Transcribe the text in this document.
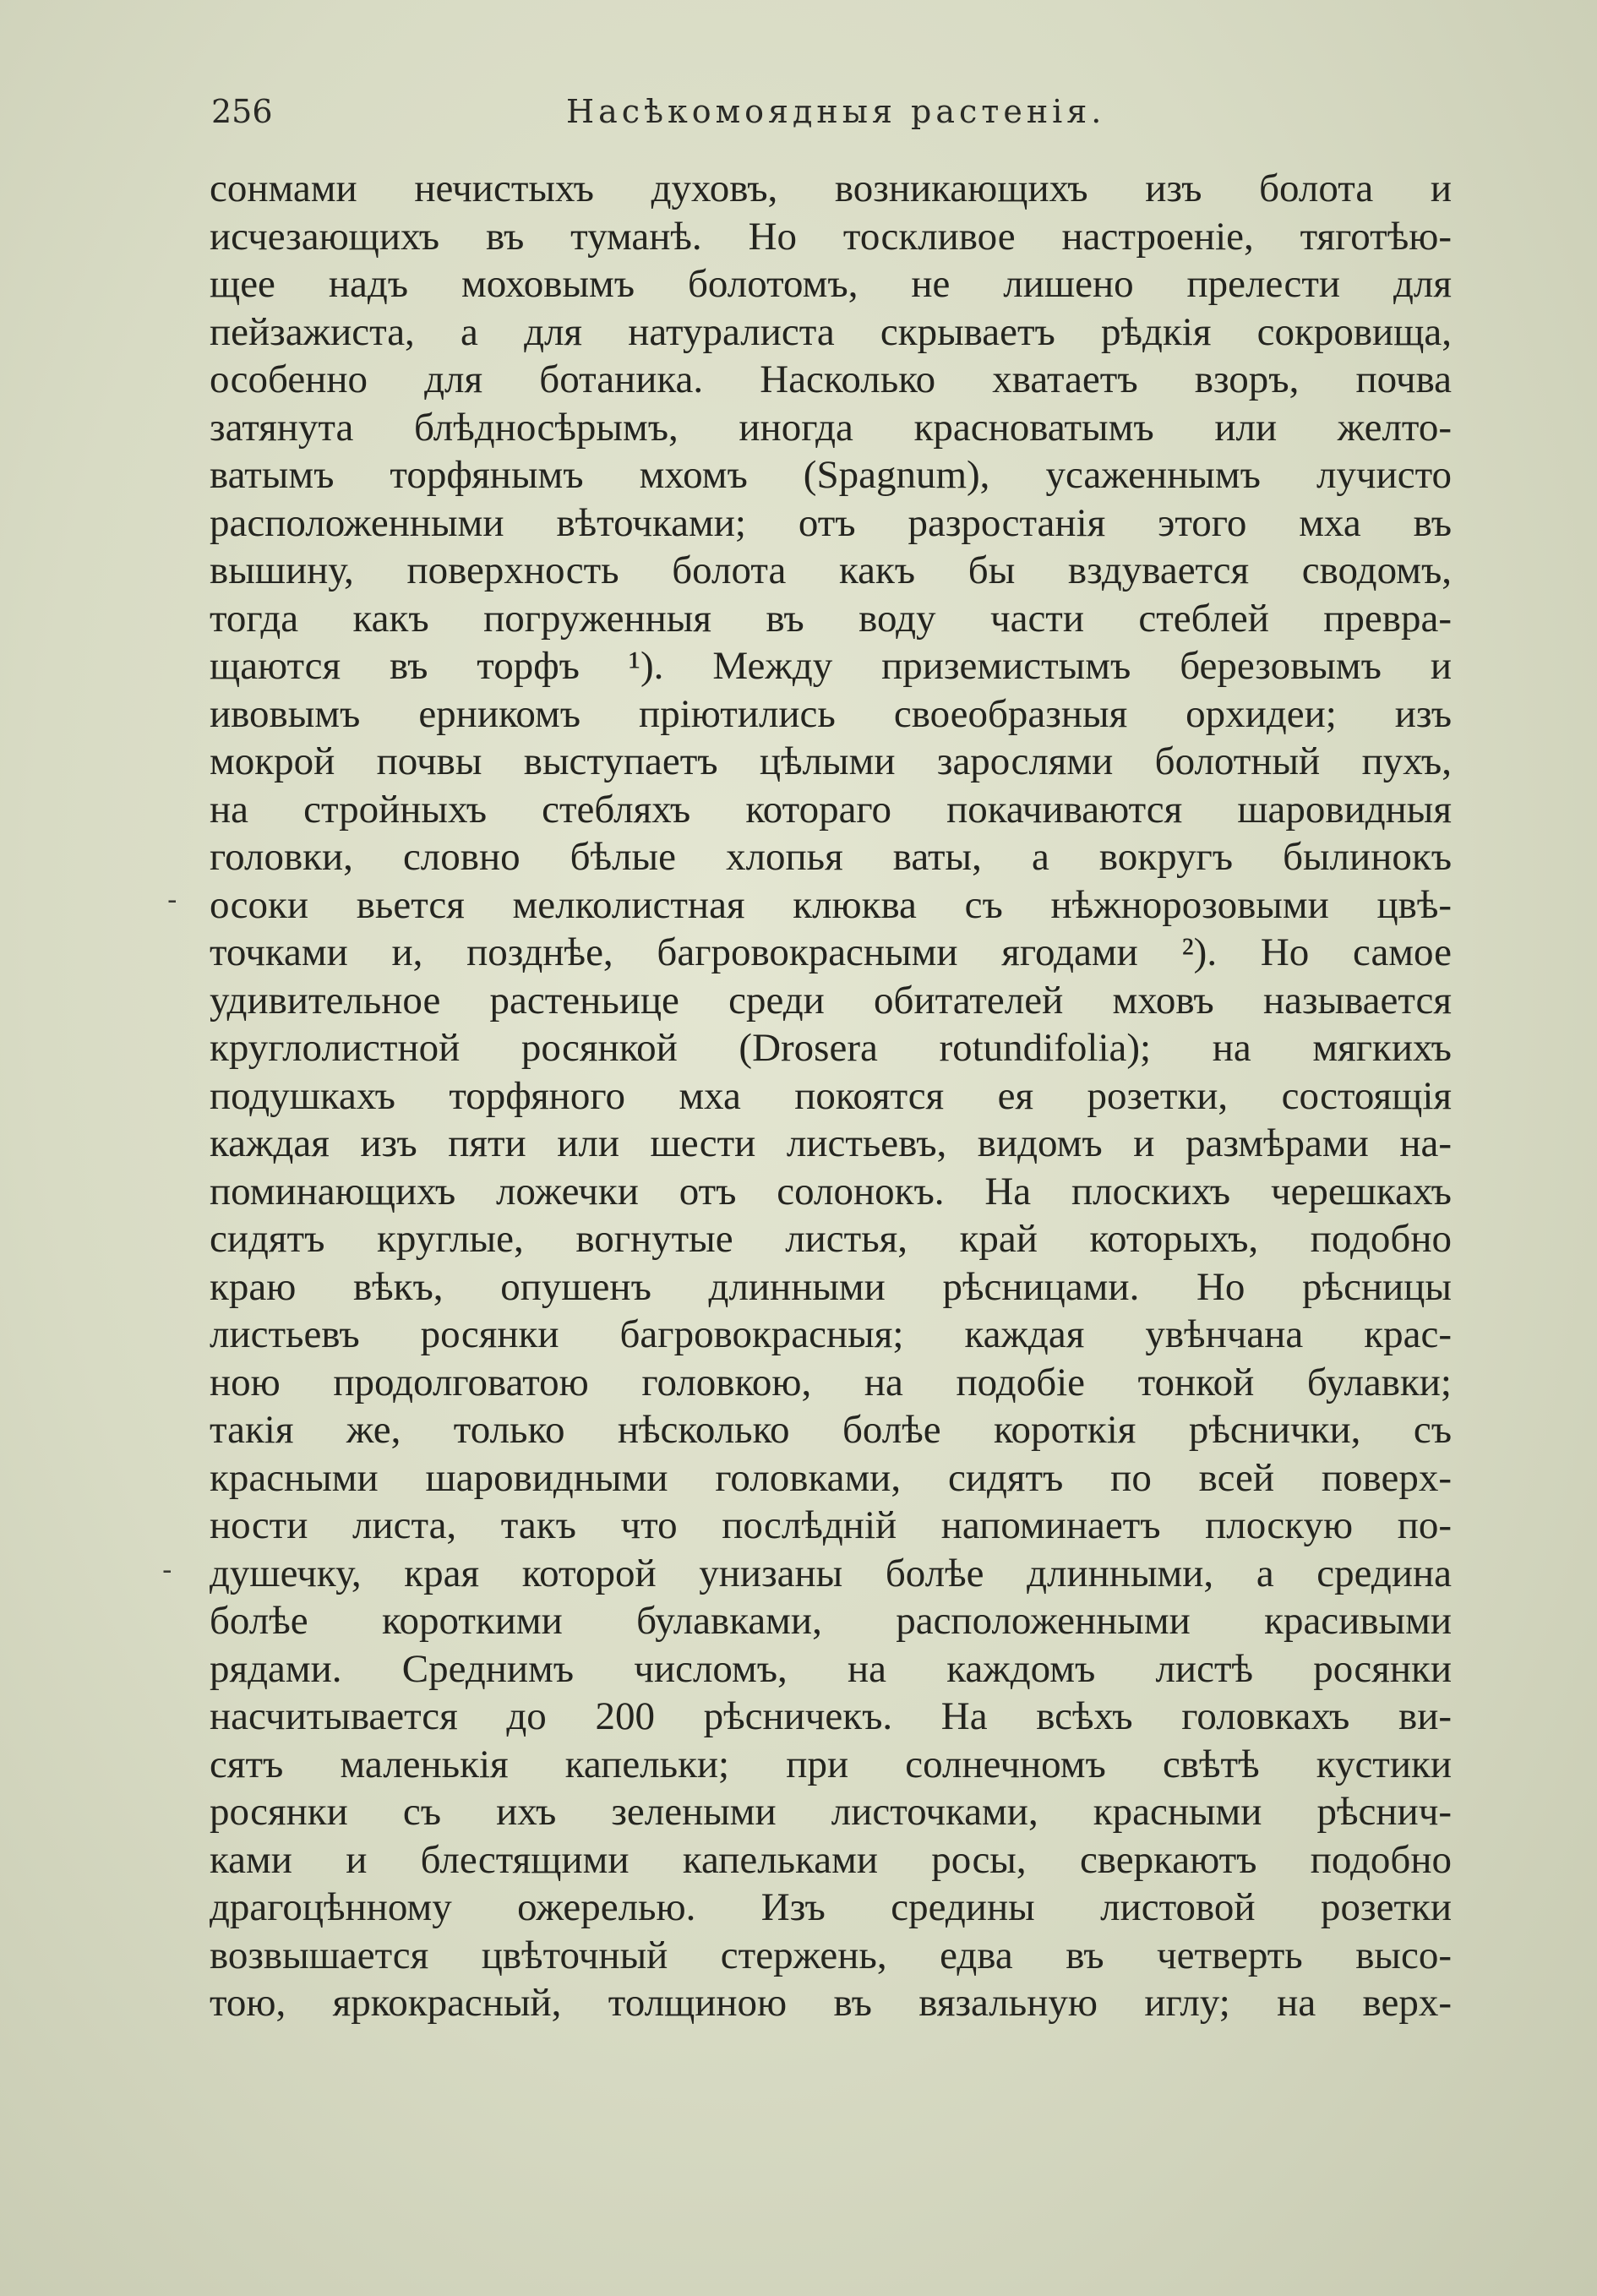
256	Насѣкомоядныя растенія.
сонмами нечистыхъ духовъ, возникающихъ изъ болота и
исчезающихъ въ туманѣ. Но тоскливое настроеніе, тяготѣю-
щее надъ моховымъ болотомъ, не лишено прелести для
пейзажиста, а для натуралиста скрываетъ рѣдкія сокровища,
особенно для ботаника. Насколько хватаетъ взоръ, почва
затянута блѣдносѣрымъ, иногда красноватымъ или желто-
ватымъ торфянымъ мхомъ (Spagnum), усаженнымъ лучисто
расположенными вѣточками; отъ разростанія этого мха въ
вышину, поверхность болота какъ бы вздувается сводомъ,
тогда какъ погруженныя въ воду части стеблей превра-
щаются въ торфъ ¹). Между приземистымъ березовымъ и
ивовымъ ерникомъ пріютились своеобразныя орхидеи; изъ
мокрой почвы выступаетъ цѣлыми зарослями болотный пухъ,
на стройныхъ стебляхъ котораго покачиваются шаровидныя
головки, словно бѣлые хлопья ваты, а вокругъ былинокъ
осоки вьется мелколистная клюква съ нѣжнорозовыми цвѣ-
точками и, позднѣе, багровокрасными ягодами ²). Но самое
удивительное растеньице среди обитателей мховъ называется
круглолистной росянкой (Drosera rotundifolia); на мягкихъ
подушкахъ торфяного мха покоятся ея розетки, состоящія
каждая изъ пяти или шести листьевъ, видомъ и размѣрами на-
поминающихъ ложечки отъ солонокъ. На плоскихъ черешкахъ
сидятъ круглые, вогнутые листья, край которыхъ, подобно
краю вѣкъ, опушенъ длинными рѣсницами. Но рѣсницы
листьевъ росянки багровокрасныя; каждая увѣнчана крас-
ною продолговатою головкою, на подобіе тонкой булавки;
такія же, только нѣсколько болѣе короткія рѣснички, съ
красными шаровидными головками, сидятъ по всей поверх-
ности листа, такъ что послѣдній напоминаетъ плоскую по-
душечку, края которой унизаны болѣе длинными, а средина
болѣе короткими булавками, расположенными красивыми
рядами. Среднимъ числомъ, на каждомъ листѣ росянки
насчитывается до 200 рѣсничекъ. На всѣхъ головкахъ ви-
сятъ маленькія капельки; при солнечномъ свѣтѣ кустики
росянки съ ихъ зелеными листочками, красными рѣснич-
ками и блестящими капельками росы, сверкаютъ подобно
драгоцѣнному ожерелью. Изъ средины листовой розетки
возвышается цвѣточный стержень, едва въ четверть высо-
тою, яркокрасный, толщиною въ вязальную иглу; на верх-
-
-
